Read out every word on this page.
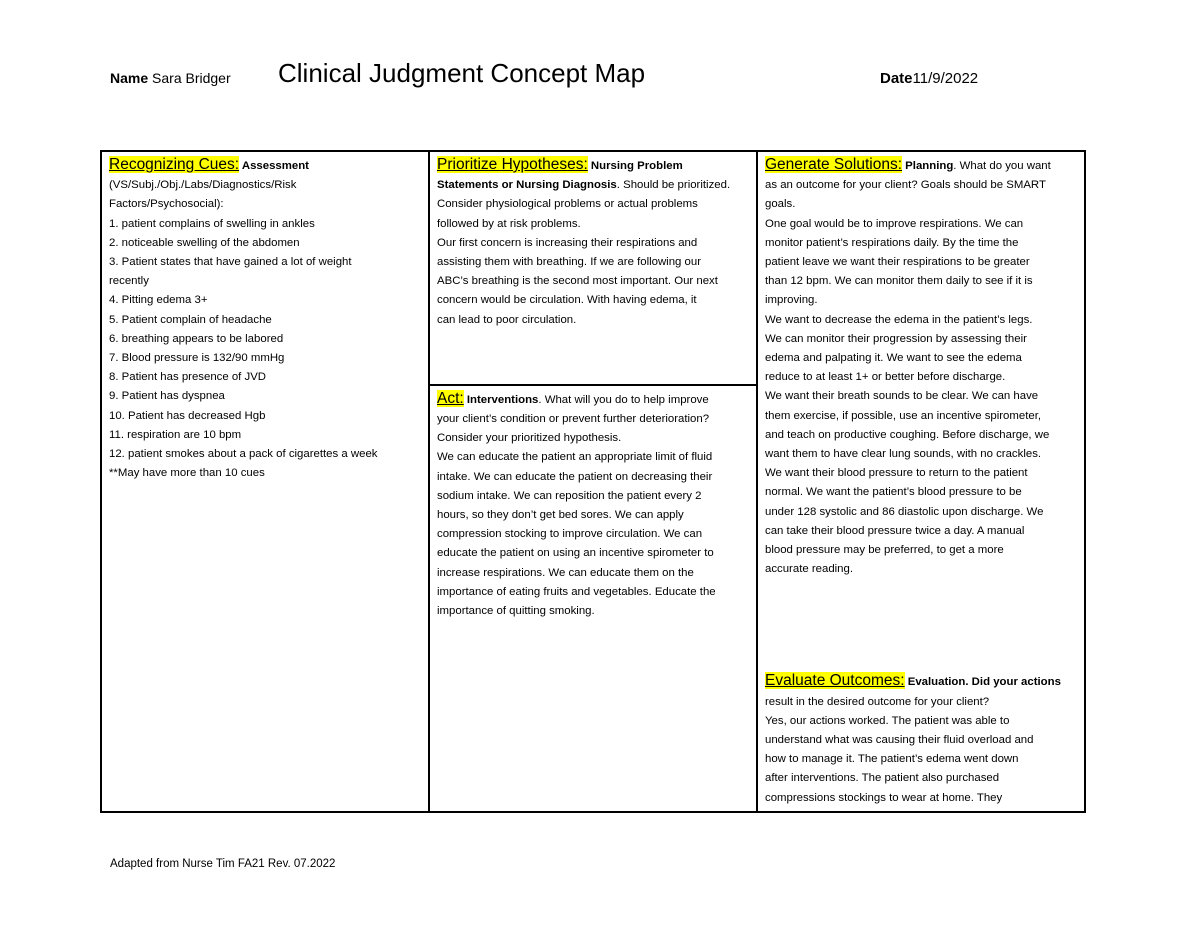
Name Sara Bridger Clinical Judgment Concept Map	Date11/9/2022
Recognizing Cues: Assessment
(VS/Subj./Obj./Labs/Diagnostics/Risk
Factors/Psychosocial):
1. patient complains of swelling in ankles
2. noticeable swelling of the abdomen
3. Patient states that have gained a lot of weight
recently
4. Pitting edema 3+
5. Patient complain of headache
6. breathing appears to be labored
7. Blood pressure is 132/90 mmHg
8. Patient has presence of JVD
9. Patient has dyspnea
10. Patient has decreased Hgb
11. respiration are 10 bpm
12. patient smokes about a pack of cigarettes a week
**May have more than 10 cues

Prioritize Hypotheses: Nursing Problem
Statements or Nursing Diagnosis. Should be prioritized.
Consider physiological problems or actual problems
followed by at risk problems.
Our first concern is increasing their respirations and
assisting them with breathing. If we are following our
ABC’s breathing is the second most important. Our next
concern would be circulation. With having edema, it
can lead to poor circulation.

Generate Solutions: Planning. What do you want
as an outcome for your client? Goals should be SMART
goals.
One goal would be to improve respirations. We can
monitor patient’s respirations daily. By the time the
patient leave we want their respirations to be greater
than 12 bpm. We can monitor them daily to see if it is
improving.
We want to decrease the edema in the patient’s legs.
We can monitor their progression by assessing their
edema and palpating it. We want to see the edema
reduce to at least 1+ or better before discharge.
We want their breath sounds to be clear. We can have
them exercise, if possible, use an incentive spirometer,
and teach on productive coughing. Before discharge, we
want them to have clear lung sounds, with no crackles.
We want their blood pressure to return to the patient
normal. We want the patient’s blood pressure to be
under 128 systolic and 86 diastolic upon discharge. We
can take their blood pressure twice a day. A manual
blood pressure may be preferred, to get a more
accurate reading.
Evaluate Outcomes: Evaluation. Did your actions
result in the desired outcome for your client?
Yes, our actions worked. The patient was able to
understand what was causing their fluid overload and
how to manage it. The patient’s edema went down
after interventions. The patient also purchased
compressions stockings to wear at home. They

Act: Interventions. What will you do to help improve
your client’s condition or prevent further deterioration?
Consider your prioritized hypothesis.
We can educate the patient an appropriate limit of fluid
intake. We can educate the patient on decreasing their
sodium intake. We can reposition the patient every 2
hours, so they don’t get bed sores. We can apply
compression stocking to improve circulation. We can
educate the patient on using an incentive spirometer to
increase respirations. We can educate them on the
importance of eating fruits and vegetables. Educate the
importance of quitting smoking.
Adapted from Nurse Tim FA21 Rev. 07.2022
